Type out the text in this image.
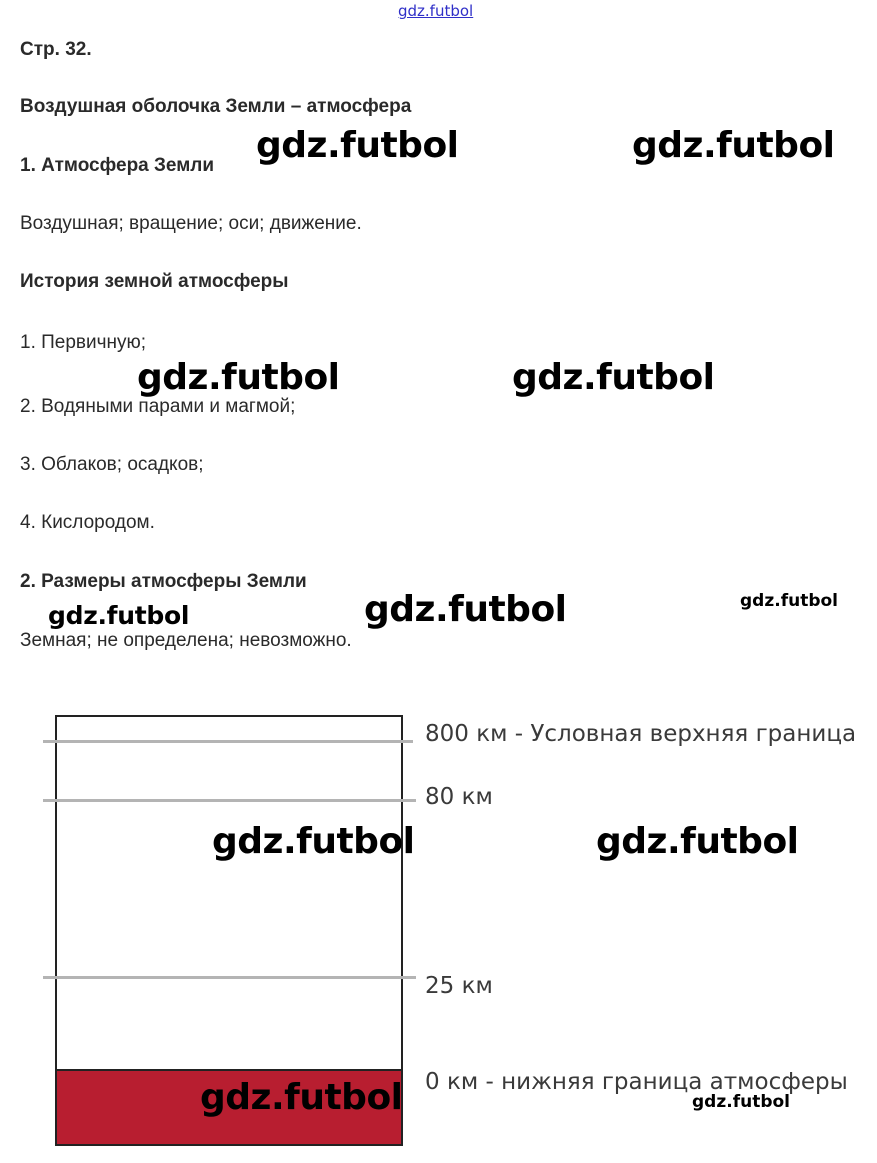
gdz.futbol
Стр. 32.
Воздушная оболочка Земли – атмосфера
1. Атмосфера Земли
Воздушная; вращение; оси; движение.
История земной атмосферы
1. Первичную;
2. Водяными парами и магмой;
3. Облаков; осадков;
4. Кислородом.
2. Размеры атмосферы Земли
Земная; не определена; невозможно.
800 км - Условная верхняя граница
80 км
25 км
0 км - нижняя граница атмосферы
gdz.futbol	gdz.futbol
gdz.futbol	gdz.futbol
gdz.futbol	gdz.futbol	gdz.futbol
gdz.futbol	gdz.futbol
gdz.futbol	gdz.futbol
